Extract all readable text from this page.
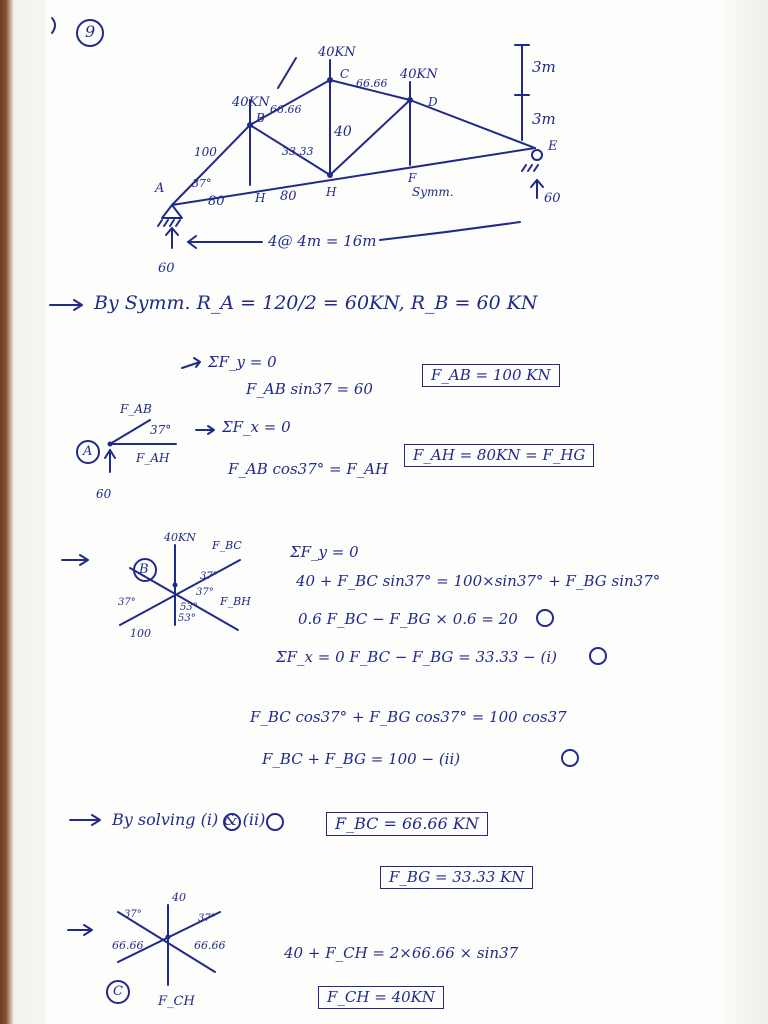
9
40KN
40KN
40KN	3m
3m
A
B
C
D
E
F
H	H
100
37°
66.66
66.66
33.33
40
80	80
60
60
Symm.
4@ 4m = 16m
By Symm. R_A = 120/2 = 60KN, R_B = 60 KN
ΣF_y = 0
F_AB sin37 = 60
F_AB = 100 KN
ΣF_x = 0
F_AB cos37° = F_AH
F_AH = 80KN = F_HG
F_AB
37°
A	F_AH
60
40KN
F_BC
B	37°
37°
37°
53°
53°
F_BH
100
ΣF_y = 0
40 + F_BC sin37° = 100×sin37° + F_BG sin37°
0.6 F_BC − F_BG × 0.6 = 20
ΣF_x = 0 F_BC − F_BG = 33.33 − (i)
F_BC cos37° + F_BG cos37° = 100 cos37
F_BC + F_BG = 100 − (ii)
By solving (i) & (ii)	F_BC = 66.66 KN
F_BG = 33.33 KN
40
37°	37°
66.66	66.66
C
F_CH
40 + F_CH = 2×66.66 × sin37
F_CH = 40KN
